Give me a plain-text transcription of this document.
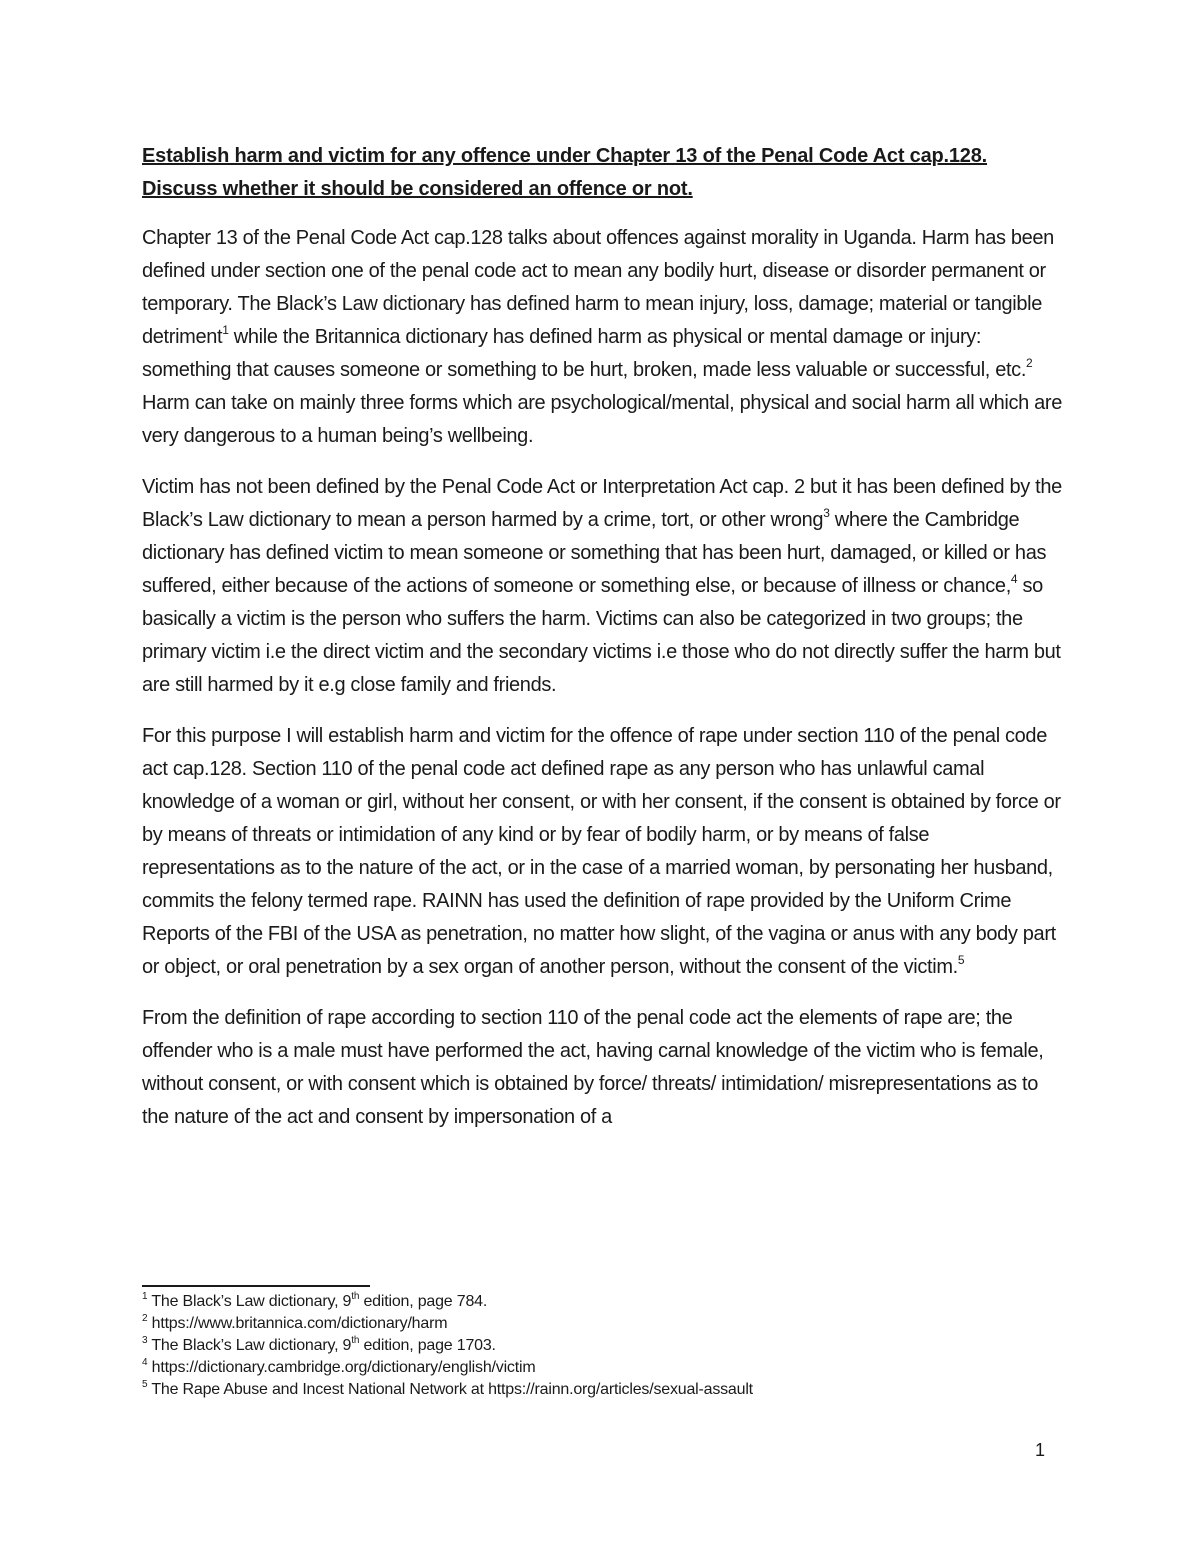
Establish harm and victim for any offence under Chapter 13 of the Penal Code Act cap.128.
Discuss whether it should be considered an offence or not.

Chapter 13 of the Penal Code Act cap.128 talks about offences against morality in Uganda. Harm has been defined under section one of the penal code act to mean any bodily hurt, disease or disorder permanent or temporary. The Black’s Law dictionary has defined harm to mean injury, loss, damage; material or tangible detriment$^1$ while the Britannica dictionary has defined harm as physical or mental damage or injury: something that causes someone or something to be hurt, broken, made less valuable or successful, etc.$^2$ Harm can take on mainly three forms which are psychological/mental, physical and social harm all which are very dangerous to a human being’s wellbeing.

Victim has not been defined by the Penal Code Act or Interpretation Act cap. 2 but it has been defined by the Black’s Law dictionary to mean a person harmed by a crime, tort, or other wrong$^3$ where the Cambridge dictionary has defined victim to mean someone or something that has been hurt, damaged, or killed or has suffered, either because of the actions of someone or something else, or because of illness or chance,$^4$ so basically a victim is the person who suffers the harm. Victims can also be categorized in two groups; the primary victim i.e the direct victim and the secondary victims i.e those who do not directly suffer the harm but are still harmed by it e.g close family and friends.

For this purpose I will establish harm and victim for the offence of rape under section 110 of the penal code act cap.128. Section 110 of the penal code act defined rape as any person who has unlawful camal knowledge of a woman or girl, without her consent, or with her consent, if the consent is obtained by force or by means of threats or intimidation of any kind or by fear of bodily harm, or by means of false representations as to the nature of the act, or in the case of a married woman, by personating her husband, commits the felony termed rape. RAINN has used the definition of rape provided by the Uniform Crime Reports of the FBI of the USA as penetration, no matter how slight, of the vagina or anus with any body part or object, or oral penetration by a sex organ of another person, without the consent of the victim.$^5$

From the definition of rape according to section 110 of the penal code act the elements of rape are; the offender who is a male must have performed the act, having carnal knowledge of the victim who is female, without consent, or with consent which is obtained by force/ threats/ intimidation/ misrepresentations as to the nature of the act and consent by impersonation of a

$^1$ The Black’s Law dictionary, 9th edition, page 784.
$^2$ https://www.britannica.com/dictionary/harm
$^3$ The Black’s Law dictionary, 9th edition, page 1703.
$^4$ https://dictionary.cambridge.org/dictionary/english/victim
$^5$ The Rape Abuse and Incest National Network at https://rainn.org/articles/sexual-assault
1
